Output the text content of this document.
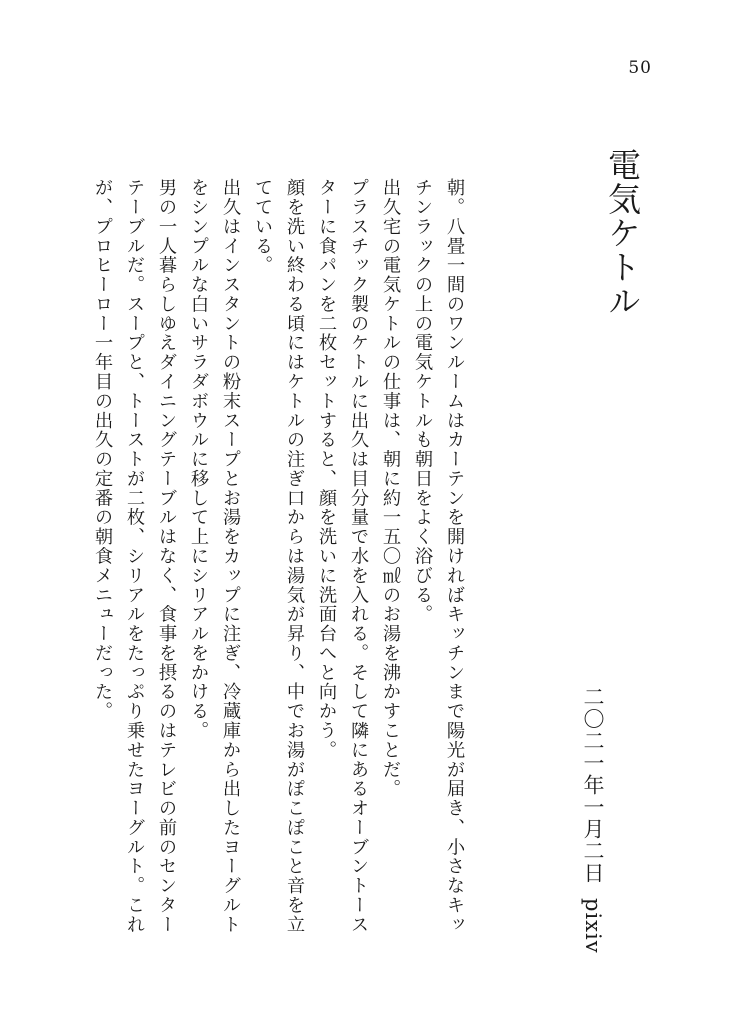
50
電気ケトル
二〇二一年一月二日pixiv

朝。八畳一間のワンルームはカーテンを開ければキッチンまで陽光が届き、小さなキッチンラックの上の電気ケトルも朝日をよく浴びる。

出久宅の電気ケトルの仕事は、朝に約一五〇㎖のお湯を沸かすことだ。

プラスチック製のケトルに出久は目分量で水を入れる。そして隣にあるオーブントースターに食パンを二枚セットすると、顔を洗いに洗面台へと向かう。

顔を洗い終わる頃にはケトルの注ぎ口からは湯気が昇り、中でお湯がぽこぽこと音を立てている。

出久はインスタントの粉末スープとお湯をカップに注ぎ、冷蔵庫から出したヨーグルトをシンプルな白いサラダボウルに移して上にシリアルをかける。

男の一人暮らしゆえダイニングテーブルはなく、食事を摂るのはテレビの前のセンターテーブルだ。スープと、トーストが二枚、シリアルをたっぷり乗せたヨーグルト。これが、プロヒーロー一年目の出久の定番の朝食メニューだった。
